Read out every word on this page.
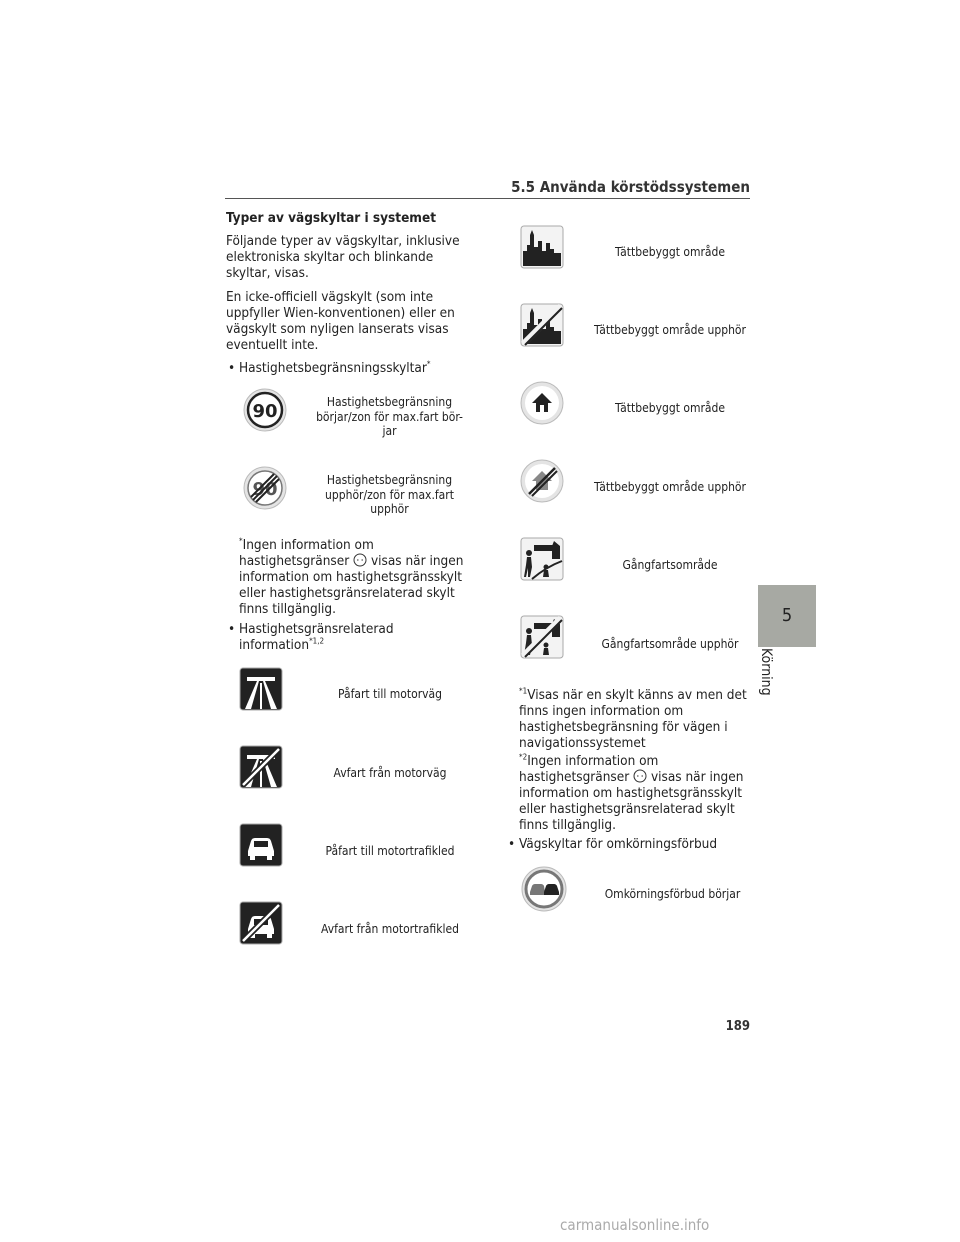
5.5 Använda körstödssystemen
5
Körning
Typer av vägskyltar i systemet
Följande typer av vägskyltar, inklusive elektroniska skyltar och blinkande skyltar, visas.
En icke-officiell vägskylt (som inte uppfyller Wien-konventionen) eller en vägskylt som nyligen lanserats visas eventuellt inte.
• Hastighetsbegränsningsskyltar*
90	Hastighetsbegränsning börjar/zon för max.fart bör- jar
90	Hastighetsbegränsning upphör/zon för max.fart upphör
*Ingen information om hastighetsgränser visas när ingen information om hastighetsgränsskylt eller hastighetsgränsrelaterad skylt finns tillgänglig.
• Hastighetsgränsrelaterad information$^{*1,2}$
Påfart till motorväg
Avfart från motorväg
Påfart till motortrafikled
Avfart från motortrafikled
Tättbebyggt område
Tättbebyggt område upphör
Tättbebyggt område
Tättbebyggt område upphör
Gångfartsområde
Gångfartsområde upphör
$^{*1}$Visas när en skylt känns av men det finns ingen information om hastighetsbegränsning för vägen i navigationssystemet
$^{*2}$Ingen information om hastighetsgränser visas när ingen information om hastighetsgränsskylt eller hastighetsgränsrelaterad skylt finns tillgänglig.
• Vägskyltar för omkörningsförbud
Omkörningsförbud börjar
189
carmanualsonline.info
